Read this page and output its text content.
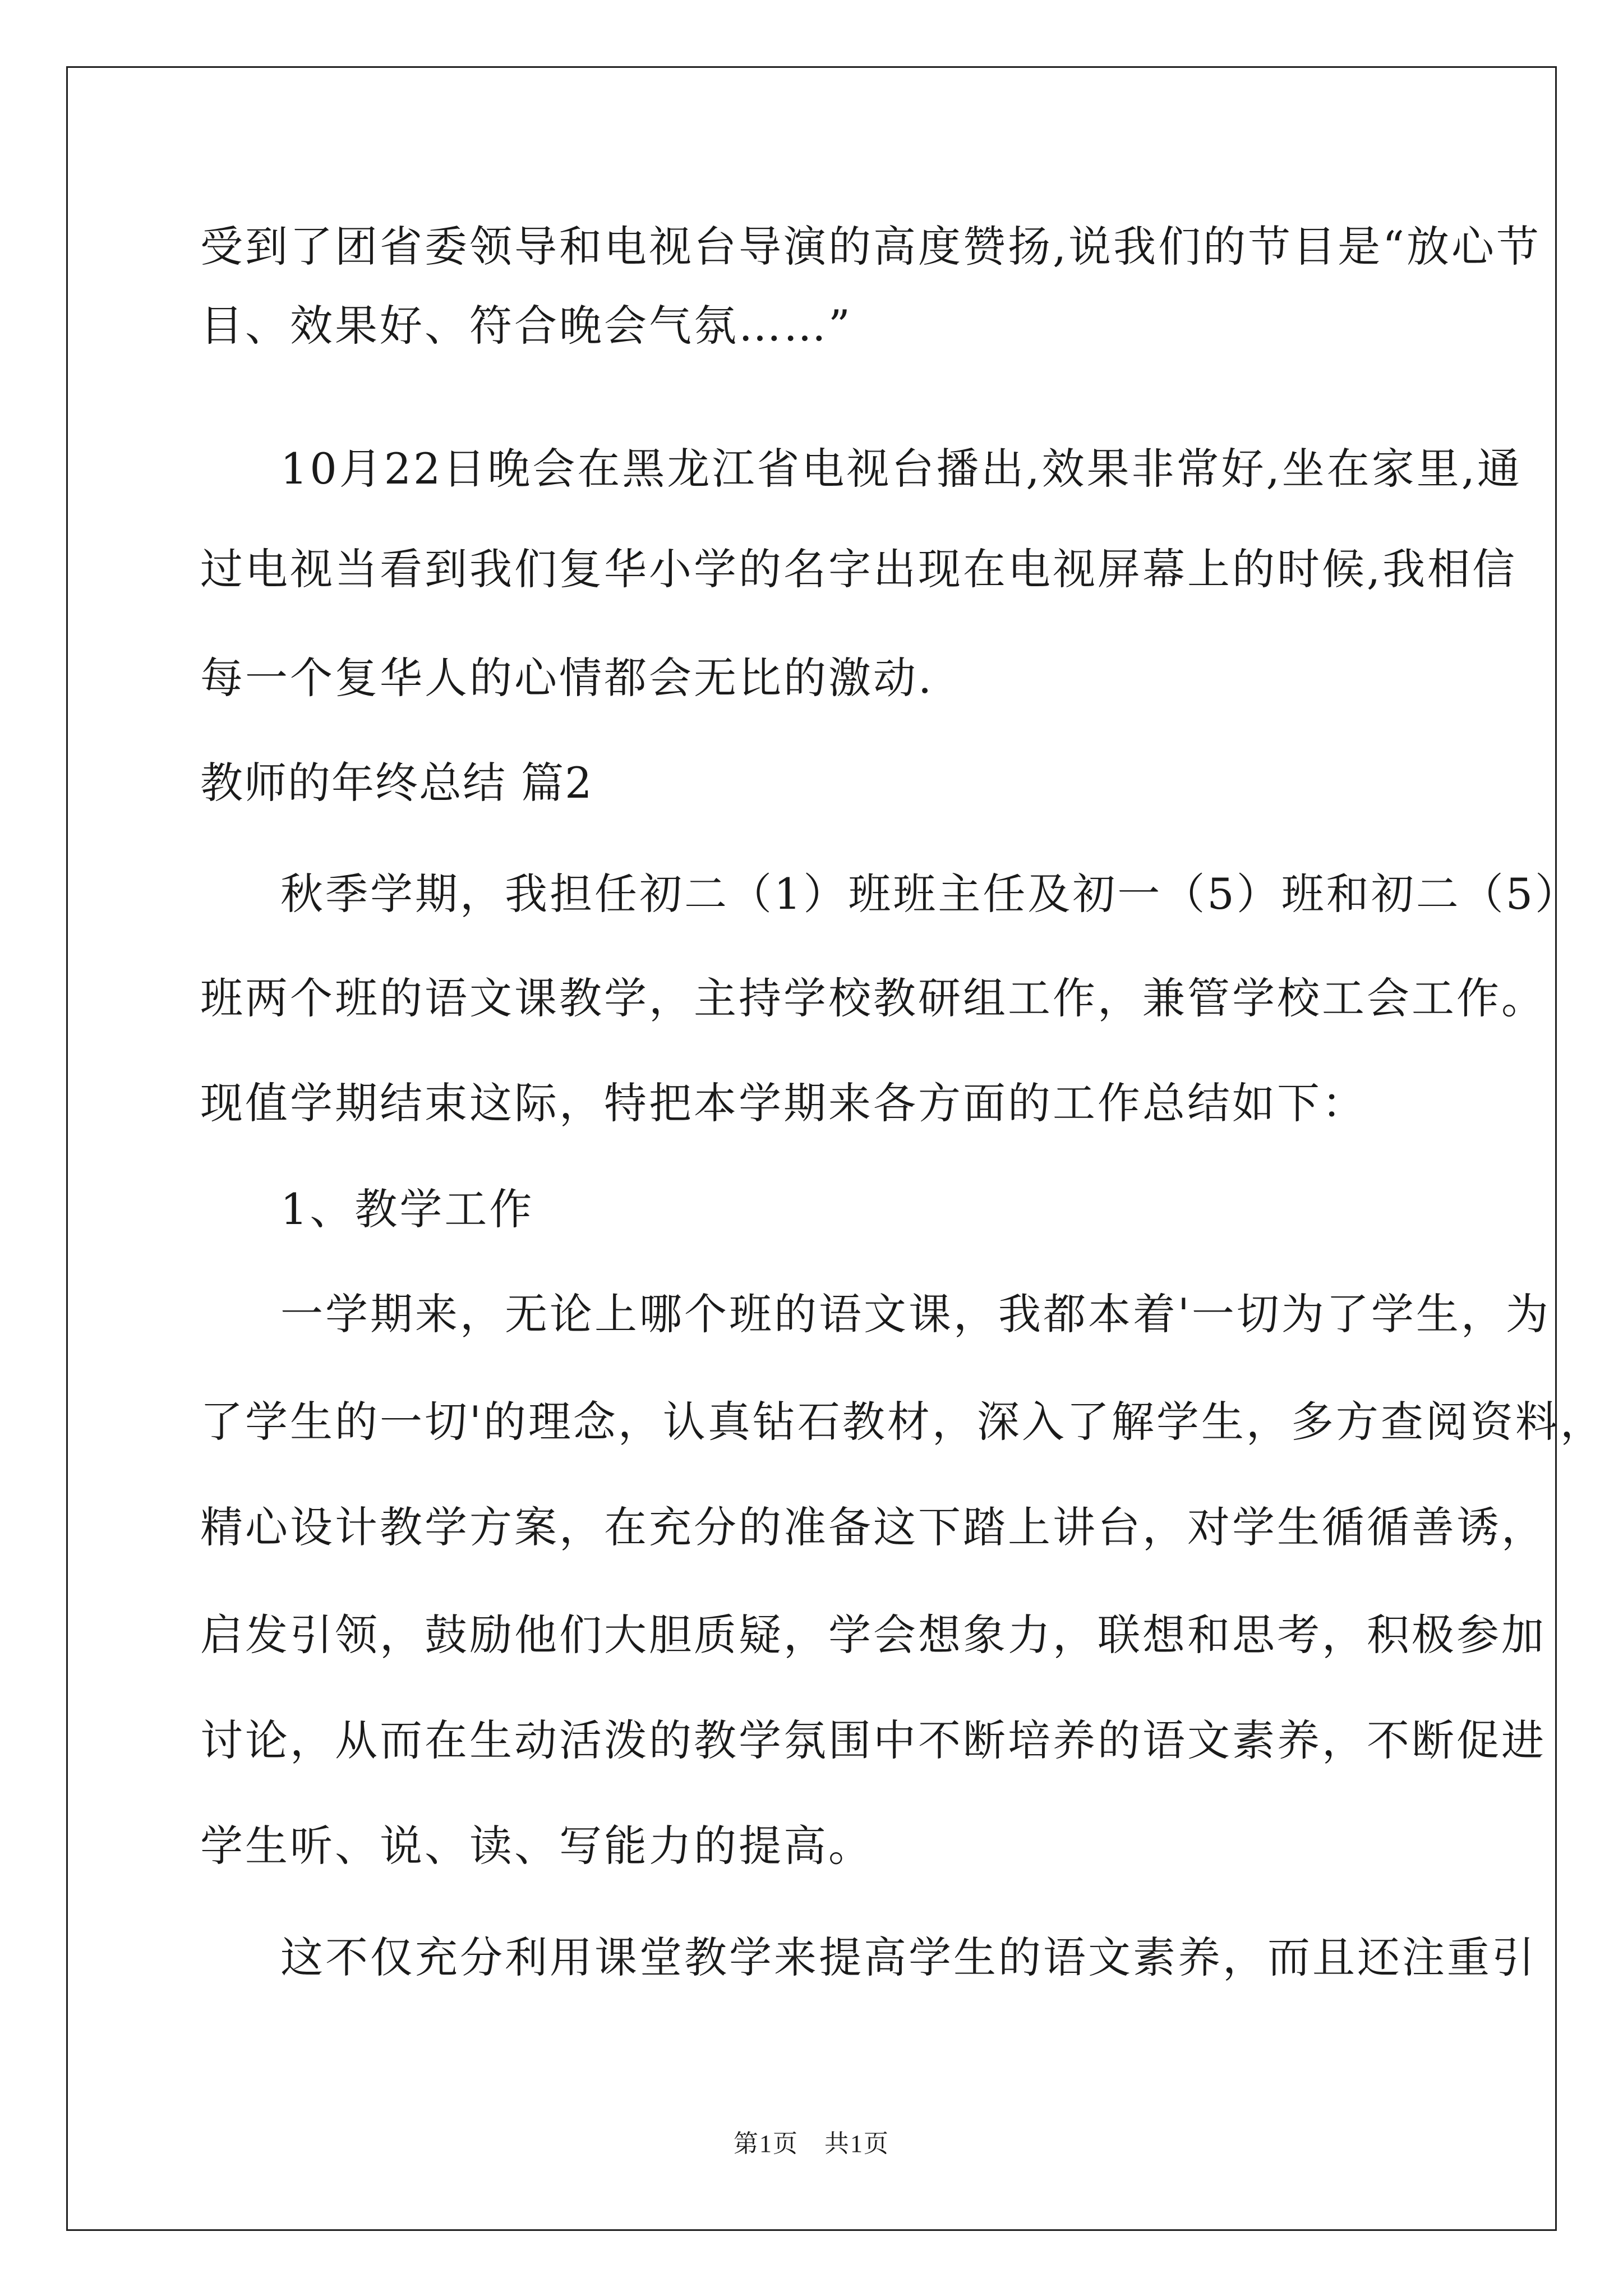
受到了团省委领导和电视台导演的高度赞扬,说我们的节目是“放心节
目、效果好、符合晚会气氛……”
10月22日晚会在黑龙江省电视台播出,效果非常好,坐在家里,通
过电视当看到我们复华小学的名字出现在电视屏幕上的时候,我相信
每一个复华人的心情都会无比的激动.
教师的年终总结 篇2
秋季学期，我担任初二（1）班班主任及初一（5）班和初二（5）
班两个班的语文课教学，主持学校教研组工作，兼管学校工会工作。
现值学期结束这际，特把本学期来各方面的工作总结如下：
1、教学工作
一学期来，无论上哪个班的语文课，我都本着'一切为了学生，为
了学生的一切'的理念，认真钻石教材，深入了解学生，多方查阅资料，
精心设计教学方案，在充分的准备这下踏上讲台，对学生循循善诱，
启发引领，鼓励他们大胆质疑，学会想象力，联想和思考，积极参加
讨论，从而在生动活泼的教学氛围中不断培养的语文素养，不断促进
学生听、说、读、写能力的提高。
这不仅充分利用课堂教学来提高学生的语文素养，而且还注重引
第1页　共1页
